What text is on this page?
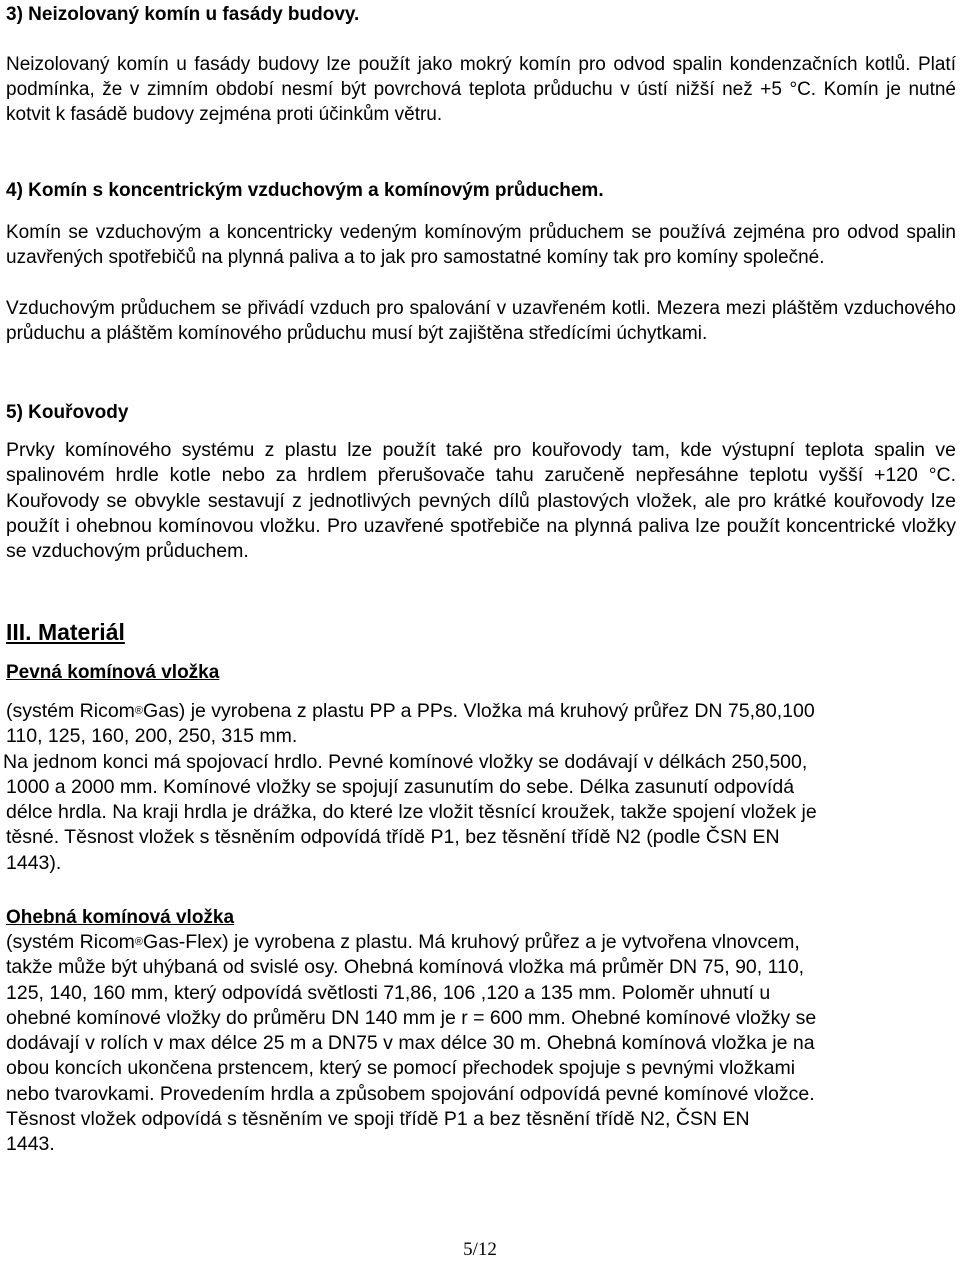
3) Neizolovaný komín u fasády budovy.

Neizolovaný komín u fasády budovy lze použít jako mokrý komín pro odvod spalin kondenzačních kotlů. Platí podmínka, že v zimním období nesmí být povrchová teplota průduchu v ústí nižší než +5 °C. Komín je nutné kotvit k fasádě budovy zejména proti účinkům větru.

4) Komín s koncentrickým vzduchovým a komínovým průduchem.

Komín se vzduchovým a koncentricky vedeným komínovým průduchem se používá zejména pro odvod spalin uzavřených spotřebičů na plynná paliva a to jak pro samostatné komíny tak pro komíny společné.

Vzduchovým průduchem se přivádí vzduch pro spalování v uzavřeném kotli. Mezera mezi pláštěm vzduchového průduchu a pláštěm komínového průduchu musí být zajištěna středícími úchytkami.

5) Kouřovody

Prvky komínového systému z plastu lze použít také pro kouřovody tam, kde výstupní teplota spalin ve spalinovém hrdle kotle nebo za hrdlem přerušovače tahu zaručeně nepřesáhne teplotu vyšší +120 °C. Kouřovody se obvykle sestavují z jednotlivých pevných dílů plastových vložek, ale pro krátké kouřovody lze použít i ohebnou komínovou vložku. Pro uzavřené spotřebiče na plynná paliva lze použít koncentrické vložky se vzduchovým průduchem.

III. Materiál
Pevná komínová vložka
(systém Ricom®Gas) je vyrobena z plastu PP a PPs. Vložka má kruhový průřez DN 75,80,100
110, 125, 160, 200, 250, 315 mm.
Na jednom konci má spojovací hrdlo. Pevné komínové vložky se dodávají v délkách 250,500,
1000 a 2000 mm. Komínové vložky se spojují zasunutím do sebe. Délka zasunutí odpovídá
délce hrdla. Na kraji hrdla je drážka, do které lze vložit těsnící kroužek, takže spojení vložek je
těsné. Těsnost vložek s těsněním odpovídá třídě P1, bez těsnění třídě N2 (podle ČSN EN
1443).
Ohebná komínová vložka
(systém Ricom®Gas-Flex) je vyrobena z plastu. Má kruhový průřez a je vytvořena vlnovcem,
takže může být uhýbaná od svislé osy. Ohebná komínová vložka má průměr DN 75, 90, 110,
125, 140, 160 mm, který odpovídá světlosti 71,86, 106 ,120 a 135 mm. Poloměr uhnutí u
ohebné komínové vložky do průměru DN 140 mm je r = 600 mm. Ohebné komínové vložky se
dodávají v rolích v max délce 25 m a DN75 v max délce 30 m. Ohebná komínová vložka je na
obou koncích ukončena prstencem, který se pomocí přechodek spojuje s pevnými vložkami
nebo tvarovkami. Provedením hrdla a způsobem spojování odpovídá pevné komínové vložce.
Těsnost vložek odpovídá s těsněním ve spoji třídě P1 a bez těsnění třídě N2, ČSN EN
1443.
5/12
